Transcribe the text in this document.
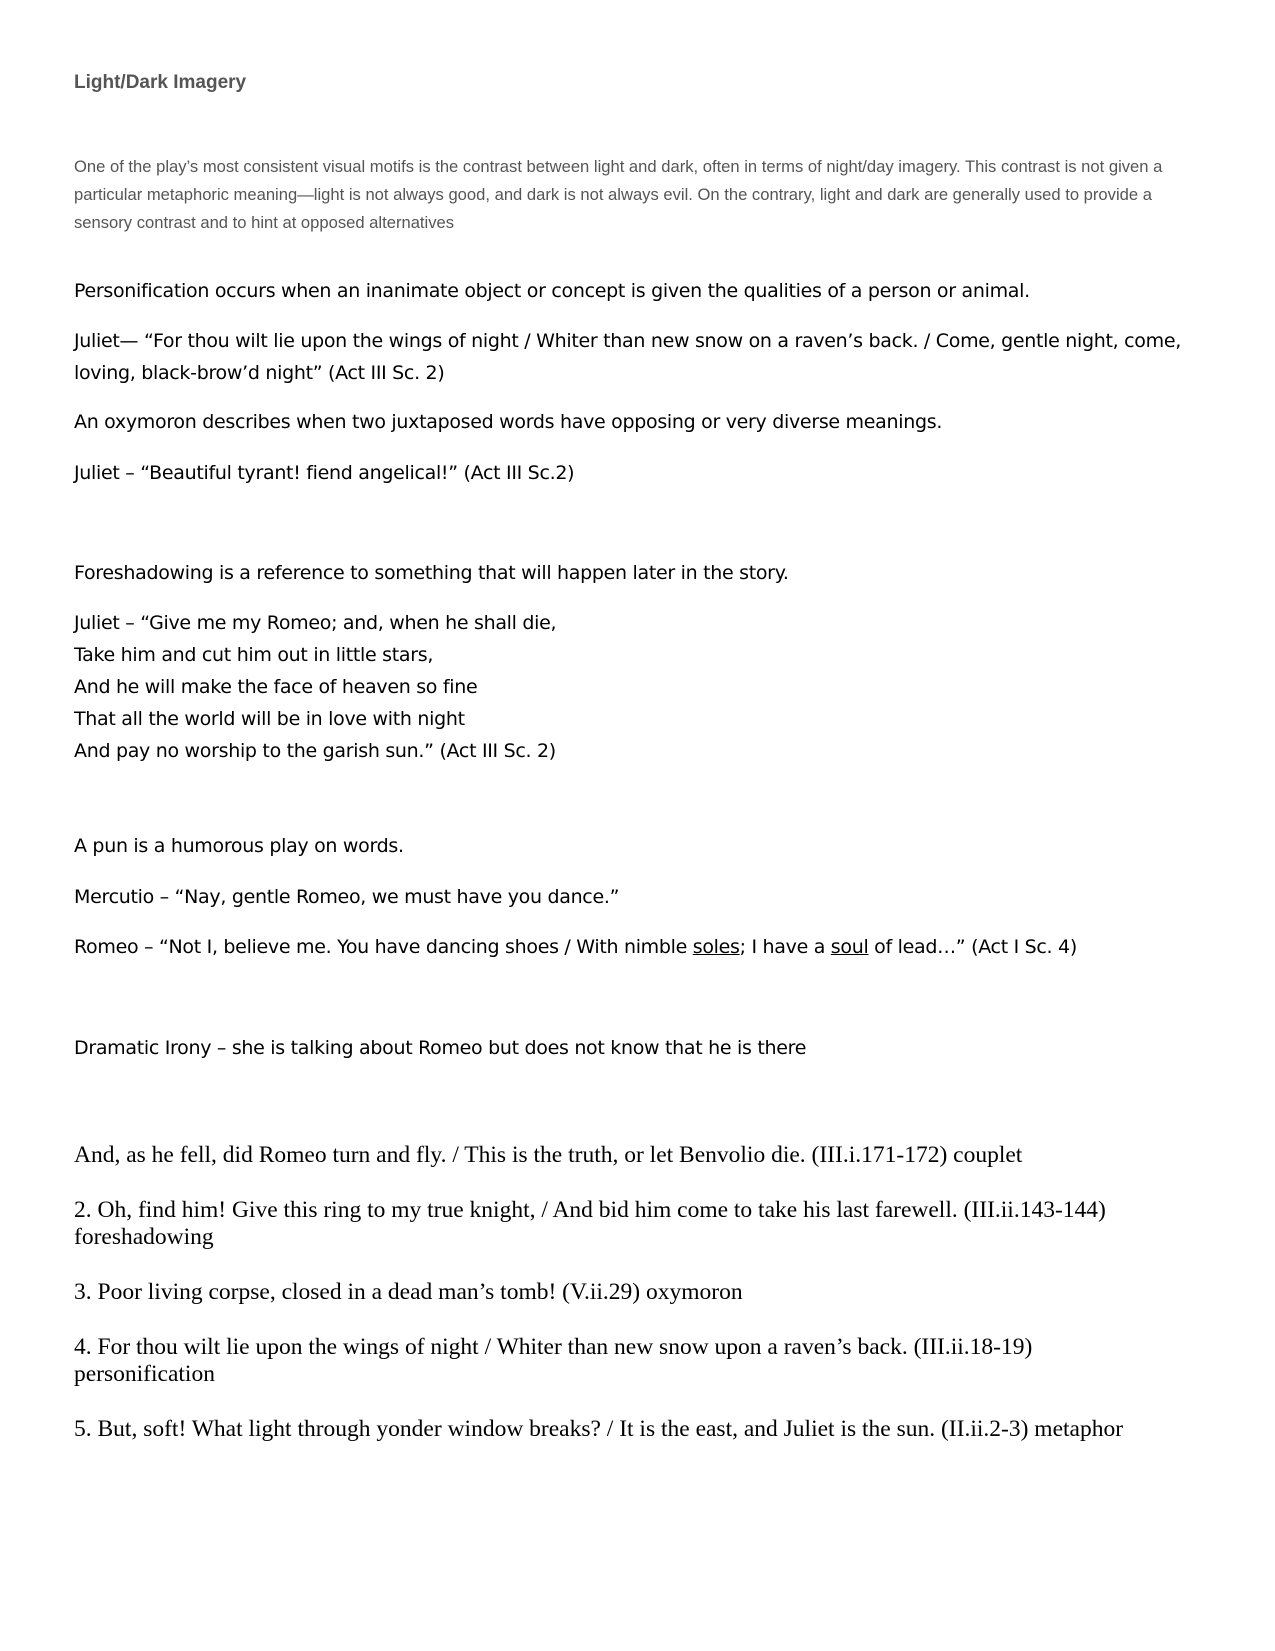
Light/Dark Imagery

One of the play’s most consistent visual motifs is the contrast between light and dark, often in terms of night/day imagery. This contrast is not given a particular metaphoric meaning—light is not always good, and dark is not always evil. On the contrary, light and dark are generally used to provide a sensory contrast and to hint at opposed alternatives

Personification occurs when an inanimate object or concept is given the qualities of a person or animal.

Juliet— “For thou wilt lie upon the wings of night / Whiter than new snow on a raven’s back. / Come, gentle night, come,
loving, black-brow’d night” (Act III Sc. 2)

An oxymoron describes when two juxtaposed words have opposing or very diverse meanings.

Juliet – “Beautiful tyrant! fiend angelical!” (Act III Sc.2)

Foreshadowing is a reference to something that will happen later in the story.

Juliet – “Give me my Romeo; and, when he shall die,
Take him and cut him out in little stars,
And he will make the face of heaven so fine
That all the world will be in love with night
And pay no worship to the garish sun.” (Act III Sc. 2)

A pun is a humorous play on words.

Mercutio – “Nay, gentle Romeo, we must have you dance.”

Romeo – “Not I, believe me. You have dancing shoes / With nimble soles; I have a soul of lead…” (Act I Sc. 4)

Dramatic Irony – she is talking about Romeo but does not know that he is there

And, as he fell, did Romeo turn and fly. / This is the truth, or let Benvolio die. (III.i.171-172) couplet
2. Oh, find him! Give this ring to my true knight, / And bid him come to take his last farewell. (III.ii.143-144)
foreshadowing
3. Poor living corpse, closed in a dead man’s tomb! (V.ii.29) oxymoron
4. For thou wilt lie upon the wings of night / Whiter than new snow upon a raven’s back. (III.ii.18-19)
personification
5. But, soft! What light through yonder window breaks? / It is the east, and Juliet is the sun. (II.ii.2-3) metaphor
